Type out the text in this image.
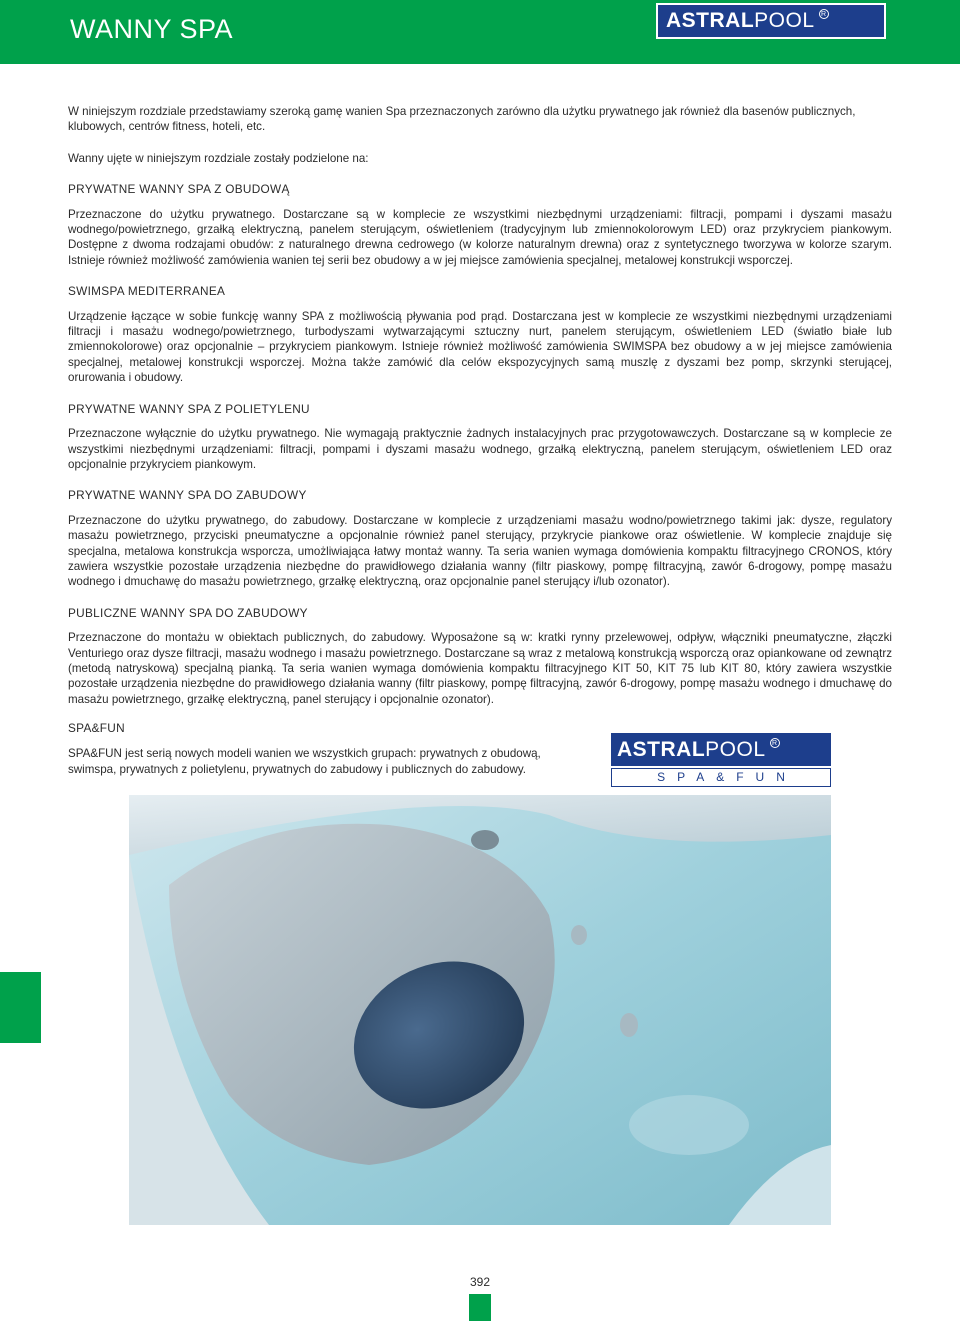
WANNY SPA	ASTRAL POOL R

W niniejszym rozdziale przedstawiamy szeroką gamę wanien Spa przeznaczonych zarówno dla użytku prywatnego jak również dla basenów publicznych, klubowych, centrów fitness, hoteli, etc.

Wanny ujęte w niniejszym rozdziale zostały podzielone na:

PRYWATNE WANNY SPA Z OBUDOWĄ

Przeznaczone do użytku prywatnego. Dostarczane są w komplecie ze wszystkimi niezbędnymi urządzeniami: filtracji, pompami i dyszami masażu wodnego/powietrznego, grzałką elektryczną, panelem sterującym, oświetleniem (tradycyjnym lub zmiennokolorowym LED) oraz przykryciem piankowym. Dostępne z dwoma rodzajami obudów: z naturalnego drewna cedrowego (w kolorze naturalnym drewna) oraz z syntetycznego tworzywa w kolorze szarym. Istnieje również możliwość zamówienia wanien tej serii bez obudowy a w jej miejsce zamówienia specjalnej, metalowej konstrukcji wsporczej.

SWIMSPA MEDITERRANEA

Urządzenie łączące w sobie funkcję wanny SPA z możliwością pływania pod prąd. Dostarczana jest w komplecie ze wszystkimi niezbędnymi urządzeniami filtracji i masażu wodnego/powietrznego, turbodyszami wytwarzającymi sztuczny nurt, panelem sterującym, oświetleniem LED (światło białe lub zmiennokolorowe) oraz opcjonalnie – przykryciem piankowym. Istnieje również możliwość zamówienia SWIMSPA bez obudowy a w jej miejsce zamówienia specjalnej, metalowej konstrukcji wsporczej. Można także zamówić dla celów ekspozycyjnych samą muszlę z dyszami bez pomp, skrzynki sterującej, orurowania i obudowy.

PRYWATNE WANNY SPA Z POLIETYLENU

Przeznaczone wyłącznie do użytku prywatnego. Nie wymagają praktycznie żadnych instalacyjnych prac przygotowawczych. Dostarczane są w komplecie ze wszystkimi niezbędnymi urządzeniami: filtracji, pompami i dyszami masażu wodnego, grzałką elektryczną, panelem sterującym, oświetleniem LED oraz opcjonalnie przykryciem piankowym.

PRYWATNE WANNY SPA DO ZABUDOWY

Przeznaczone do użytku prywatnego, do zabudowy. Dostarczane w komplecie z urządzeniami masażu wodno/powietrznego takimi jak: dysze, regulatory masażu powietrznego, przyciski pneumatyczne a opcjonalnie również panel sterujący, przykrycie piankowe oraz oświetlenie. W komplecie znajduje się specjalna, metalowa konstrukcja wsporcza, umożliwiająca łatwy montaż wanny. Ta seria wanien wymaga domówienia kompaktu filtracyjnego CRONOS, który zawiera wszystkie pozostałe urządzenia niezbędne do prawidłowego działania wanny (filtr piaskowy, pompę filtracyjną, zawór 6-drogowy, pompę masażu wodnego i dmuchawę do masażu powietrznego, grzałkę elektryczną, oraz opcjonalnie panel sterujący i/lub ozonator).

PUBLICZNE WANNY SPA DO ZABUDOWY

Przeznaczone do montażu w obiektach publicznych, do zabudowy. Wyposażone są w: kratki rynny przelewowej, odpływ, włączniki pneumatyczne, złączki Venturiego oraz dysze filtracji, masażu wodnego i masażu powietrznego. Dostarczane są wraz z metalową konstrukcją wsporczą oraz opiankowane od zewnątrz (metodą natryskową) specjalną pianką. Ta seria wanien wymaga domówienia kompaktu filtracyjnego KIT 50, KIT 75 lub KIT 80, który zawiera wszystkie pozostałe urządzenia niezbędne do prawidłowego działania wanny (filtr piaskowy, pompę filtracyjną, zawór 6-drogowy, pompę masażu wodnego i dmuchawę do masażu powietrznego, grzałkę elektryczną, panel sterujący i opcjonalnie ozonator).

SPA&FUN
SPA&FUN jest serią nowych modeli wanien we wszystkich grupach: prywatnych z obudową, swimspa, prywatnych z polietylenu, prywatnych do zabudowy i publicznych do zabudowy.
ASTRAL POOL R
SPA&FUN
392
